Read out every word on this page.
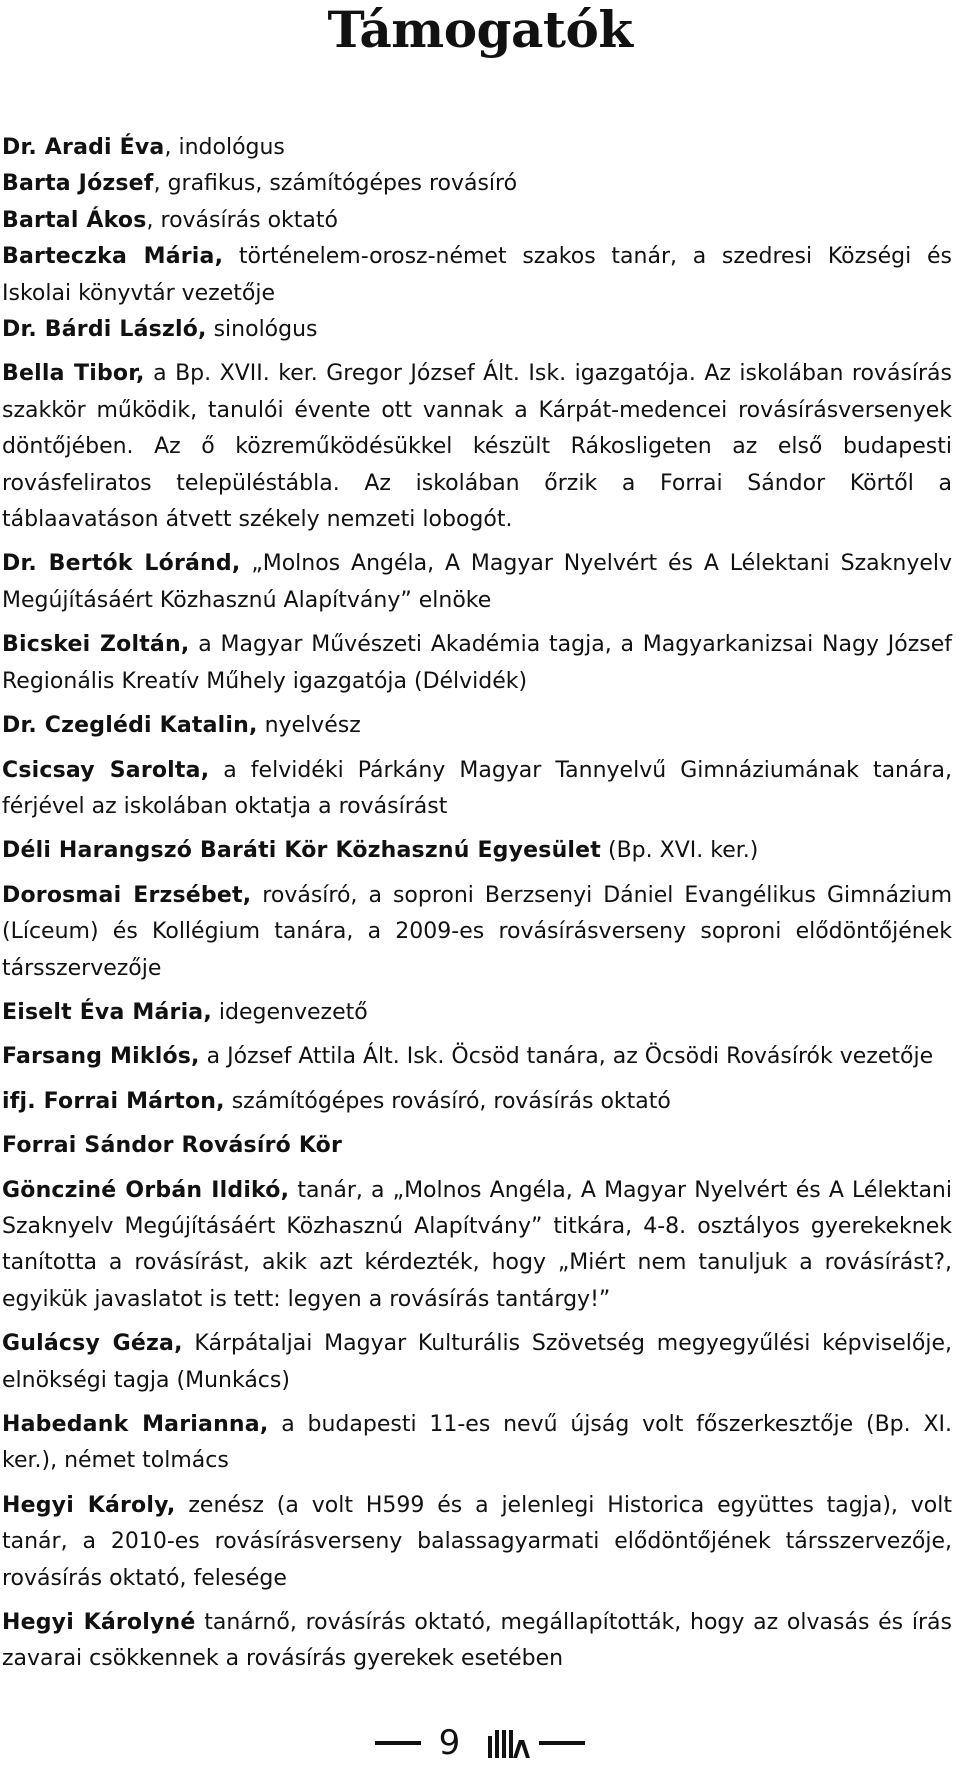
Támogatók

Dr. Aradi Éva, indológus

Barta József, grafikus, számítógépes rovásíró

Bartal Ákos, rovásírás oktató

Barteczka Mária, történelem-orosz-német szakos tanár, a szedresi Községi és Iskolai könyvtár vezetője

Dr. Bárdi László, sinológus

Bella Tibor, a Bp. XVII. ker. Gregor József Ált. Isk. igazgatója. Az iskolában rovásírás szakkör működik, tanulói évente ott vannak a Kárpát-medencei rovásírásversenyek döntőjében. Az ő közreműködésükkel készült Rákosligeten az első budapesti rovásfeliratos településtábla. Az iskolában őrzik a Forrai Sándor Körtől a táblaavatáson átvett székely nemzeti lobogót.

Dr. Bertók Lóránd, „Molnos Angéla, A Magyar Nyelvért és A Lélektani Szaknyelv Megújításáért Közhasznú Alapítvány” elnöke

Bicskei Zoltán, a Magyar Művészeti Akadémia tagja, a Magyarkanizsai Nagy József Regionális Kreatív Műhely igazgatója (Délvidék)

Dr. Czeglédi Katalin, nyelvész

Csicsay Sarolta, a felvidéki Párkány Magyar Tannyelvű Gimnáziumának tanára, férjével az iskolában oktatja a rovásírást

Déli Harangszó Baráti Kör Közhasznú Egyesület (Bp. XVI. ker.)

Dorosmai Erzsébet, rovásíró, a soproni Berzsenyi Dániel Evangélikus Gimnázium (Líceum) és Kollégium tanára, a 2009-es rovásírásverseny soproni elődöntőjének társszervezője

Eiselt Éva Mária, idegenvezető

Farsang Miklós, a József Attila Ált. Isk. Öcsöd tanára, az Öcsödi Rovásírók vezetője

ifj. Forrai Márton, számítógépes rovásíró, rovásírás oktató

Forrai Sándor Rovásíró Kör

Göncziné Orbán Ildikó, tanár, a „Molnos Angéla, A Magyar Nyelvért és A Lélektani Szaknyelv Megújításáért Közhasznú Alapítvány” titkára, 4-8. osztályos gyerekeknek tanította a rovásírást, akik azt kérdezték, hogy „Miért nem tanuljuk a rovásírást?, egyikük javaslatot is tett: legyen a rovásírás tantárgy!”

Gulácsy Géza, Kárpátaljai Magyar Kulturális Szövetség megyegyűlési képviselője, elnökségi tagja (Munkács)

Habedank Marianna, a budapesti 11-es nevű újság volt főszerkesztője (Bp. XI. ker.), német tolmács

Hegyi Károly, zenész (a volt H599 és a jelenlegi Historica együttes tagja), volt tanár, a 2010-es rovásírásverseny balassagyarmati elődöntőjének társszervezője, rovásírás oktató, felesége

Hegyi Károlyné tanárnő, rovásírás oktató, megállapították, hogy az olvasás és írás zavarai csökkennek a rovásírás gyerekek esetében

9
